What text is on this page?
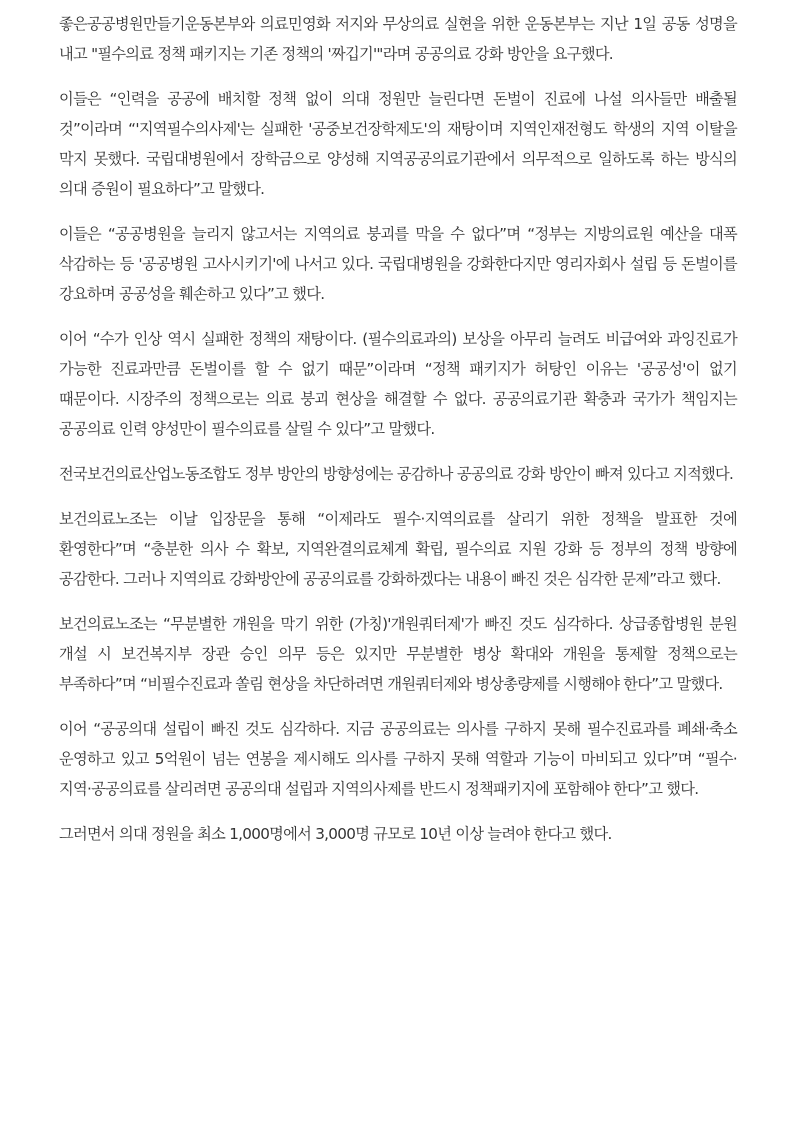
좋은공공병원만들기운동본부와 의료민영화 저지와 무상의료 실현을 위한 운동본부는 지난 1일 공동 성명을 내고 "필수의료 정책 패키지는 기존 정책의 '짜깁기'"라며 공공의료 강화 방안을 요구했다.

이들은 “인력을 공공에 배치할 정책 없이 의대 정원만 늘린다면 돈벌이 진료에 나설 의사들만 배출될 것”이라며 “'지역필수의사제'는 실패한 '공중보건장학제도'의 재탕이며 지역인재전형도 학생의 지역 이탈을 막지 못했다. 국립대병원에서 장학금으로 양성해 지역공공의료기관에서 의무적으로 일하도록 하는 방식의 의대 증원이 필요하다”고 말했다.

이들은 “공공병원을 늘리지 않고서는 지역의료 붕괴를 막을 수 없다”며 “정부는 지방의료원 예산을 대폭 삭감하는 등 '공공병원 고사시키기'에 나서고 있다. 국립대병원을 강화한다지만 영리자회사 설립 등 돈벌이를 강요하며 공공성을 훼손하고 있다”고 했다.

이어 “수가 인상 역시 실패한 정책의 재탕이다. (필수의료과의) 보상을 아무리 늘려도 비급여와 과잉진료가 가능한 진료과만큼 돈벌이를 할 수 없기 때문”이라며 “정책 패키지가 허탕인 이유는 '공공성'이 없기 때문이다. 시장주의 정책으로는 의료 붕괴 현상을 해결할 수 없다. 공공의료기관 확충과 국가가 책임지는 공공의료 인력 양성만이 필수의료를 살릴 수 있다”고 말했다.

전국보건의료산업노동조합도 정부 방안의 방향성에는 공감하나 공공의료 강화 방안이 빠져 있다고 지적했다.

보건의료노조는 이날 입장문을 통해 “이제라도 필수·지역의료를 살리기 위한 정책을 발표한 것에 환영한다”며 “충분한 의사 수 확보, 지역완결의료체계 확립, 필수의료 지원 강화 등 정부의 정책 방향에 공감한다. 그러나 지역의료 강화방안에 공공의료를 강화하겠다는 내용이 빠진 것은 심각한 문제”라고 했다.

보건의료노조는 “무분별한 개원을 막기 위한 (가칭)'개원쿼터제'가 빠진 것도 심각하다. 상급종합병원 분원 개설 시 보건복지부 장관 승인 의무 등은 있지만 무분별한 병상 확대와 개원을 통제할 정책으로는 부족하다”며 “비필수진료과 쏠림 현상을 차단하려면 개원쿼터제와 병상총량제를 시행해야 한다”고 말했다.

이어 “공공의대 설립이 빠진 것도 심각하다. 지금 공공의료는 의사를 구하지 못해 필수진료과를 폐쇄·축소 운영하고 있고 5억원이 넘는 연봉을 제시해도 의사를 구하지 못해 역할과 기능이 마비되고 있다”며 “필수·지역·공공의료를 살리려면 공공의대 설립과 지역의사제를 반드시 정책패키지에 포함해야 한다”고 했다.

그러면서 의대 정원을 최소 1,000명에서 3,000명 규모로 10년 이상 늘려야 한다고 했다.
